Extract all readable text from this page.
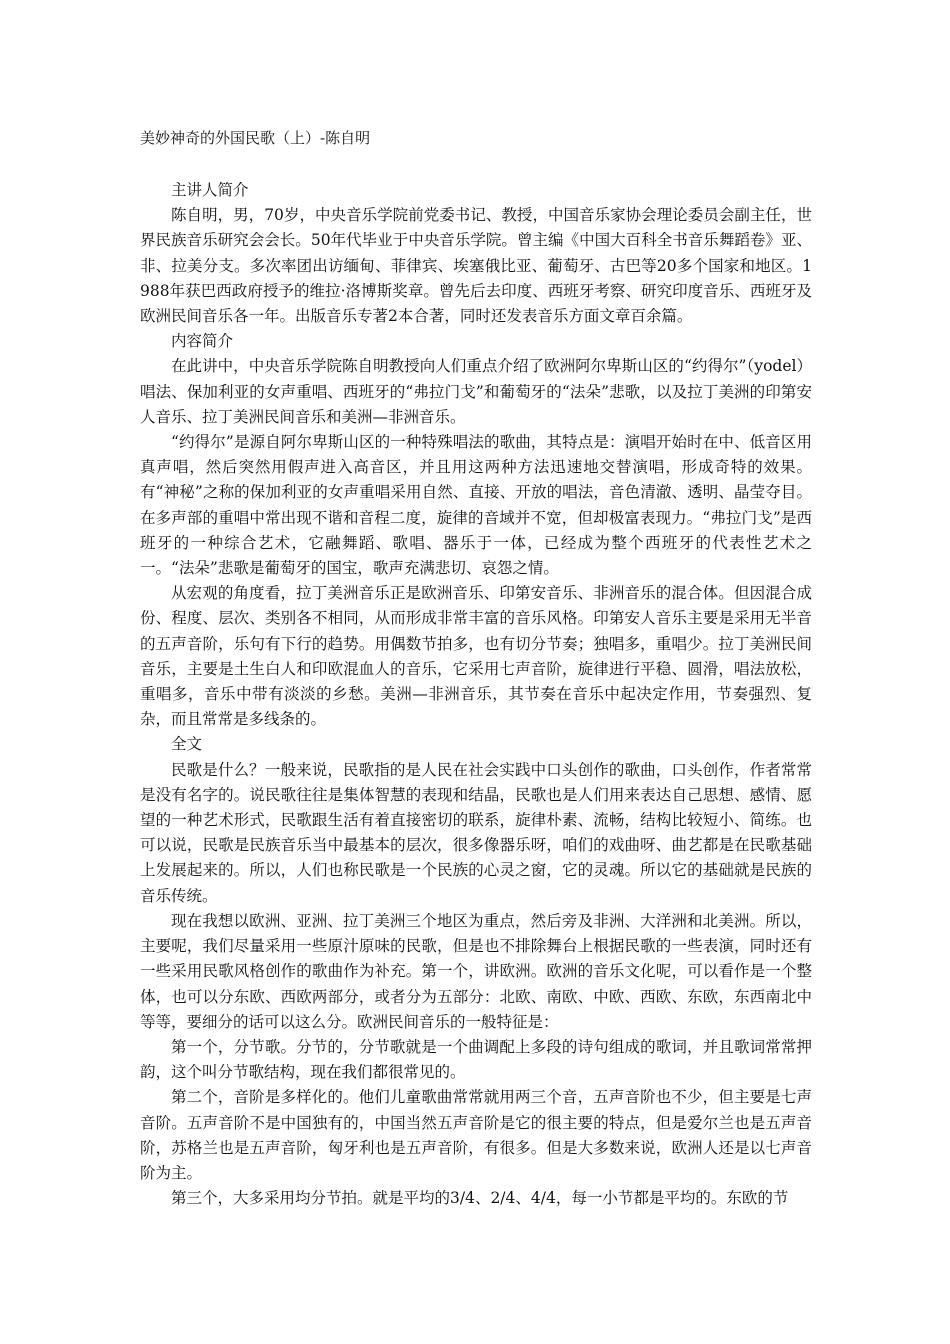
美妙神奇的外国民歌（上）-陈自明
主讲人简介

陈自明，男，70岁，中央音乐学院前党委书记、教授，中国音乐家协会理论委员会副主任，世界民族音乐研究会会长。50年代毕业于中央音乐学院。曾主编《中国大百科全书音乐舞蹈卷》亚、非、拉美分支。多次率团出访缅甸、菲律宾、埃塞俄比亚、葡萄牙、古巴等20多个国家和地区。1988年获巴西政府授予的维拉·洛博斯奖章。曾先后去印度、西班牙考察、研究印度音乐、西班牙及欧洲民间音乐各一年。出版音乐专著2本合著，同时还发表音乐方面文章百余篇。

内容简介

在此讲中，中央音乐学院陈自明教授向人们重点介绍了欧洲阿尔卑斯山区的“约得尔”（yodel）唱法、保加利亚的女声重唱、西班牙的“弗拉门戈”和葡萄牙的“法朵”悲歌，以及拉丁美洲的印第安人音乐、拉丁美洲民间音乐和美洲—非洲音乐。

“约得尔”是源自阿尔卑斯山区的一种特殊唱法的歌曲，其特点是：演唱开始时在中、低音区用真声唱，然后突然用假声进入高音区，并且用这两种方法迅速地交替演唱，形成奇特的效果。有“神秘”之称的保加利亚的女声重唱采用自然、直接、开放的唱法，音色清澈、透明、晶莹夺目。在多声部的重唱中常出现不谐和音程二度，旋律的音域并不宽，但却极富表现力。“弗拉门戈”是西班牙的一种综合艺术，它融舞蹈、歌唱、器乐于一体，已经成为整个西班牙的代表性艺术之一。“法朵”悲歌是葡萄牙的国宝，歌声充满悲切、哀怨之情。

从宏观的角度看，拉丁美洲音乐正是欧洲音乐、印第安音乐、非洲音乐的混合体。但因混合成份、程度、层次、类别各不相同，从而形成非常丰富的音乐风格。印第安人音乐主要是采用无半音的五声音阶，乐句有下行的趋势。用偶数节拍多，也有切分节奏；独唱多，重唱少。拉丁美洲民间音乐，主要是土生白人和印欧混血人的音乐，它采用七声音阶，旋律进行平稳、圆滑，唱法放松，重唱多，音乐中带有淡淡的乡愁。美洲—非洲音乐，其节奏在音乐中起决定作用，节奏强烈、复杂，而且常常是多线条的。

全文

民歌是什么？一般来说，民歌指的是人民在社会实践中口头创作的歌曲，口头创作，作者常常是没有名字的。说民歌往往是集体智慧的表现和结晶，民歌也是人们用来表达自己思想、感情、愿望的一种艺术形式，民歌跟生活有着直接密切的联系，旋律朴素、流畅，结构比较短小、简练。也可以说，民歌是民族音乐当中最基本的层次，很多像器乐呀，咱们的戏曲呀、曲艺都是在民歌基础上发展起来的。所以，人们也称民歌是一个民族的心灵之窗，它的灵魂。所以它的基础就是民族的音乐传统。

现在我想以欧洲、亚洲、拉丁美洲三个地区为重点，然后旁及非洲、大洋洲和北美洲。所以，主要呢，我们尽量采用一些原汁原味的民歌，但是也不排除舞台上根据民歌的一些表演，同时还有一些采用民歌风格创作的歌曲作为补充。第一个，讲欧洲。欧洲的音乐文化呢，可以看作是一个整体，也可以分东欧、西欧两部分，或者分为五部分：北欧、南欧、中欧、西欧、东欧，东西南北中等等，要细分的话可以这么分。欧洲民间音乐的一般特征是：

第一个，分节歌。分节的，分节歌就是一个曲调配上多段的诗句组成的歌词，并且歌词常常押韵，这个叫分节歌结构，现在我们都很常见的。

第二个，音阶是多样化的。他们儿童歌曲常常就用两三个音，五声音阶也不少，但主要是七声音阶。五声音阶不是中国独有的，中国当然五声音阶是它的很主要的特点，但是爱尔兰也是五声音阶，苏格兰也是五声音阶，匈牙利也是五声音阶，有很多。但是大多数来说，欧洲人还是以七声音阶为主。

第三个，大多采用均分节拍。就是平均的3/4、2/4、4/4，每一小节都是平均的。东欧的节
